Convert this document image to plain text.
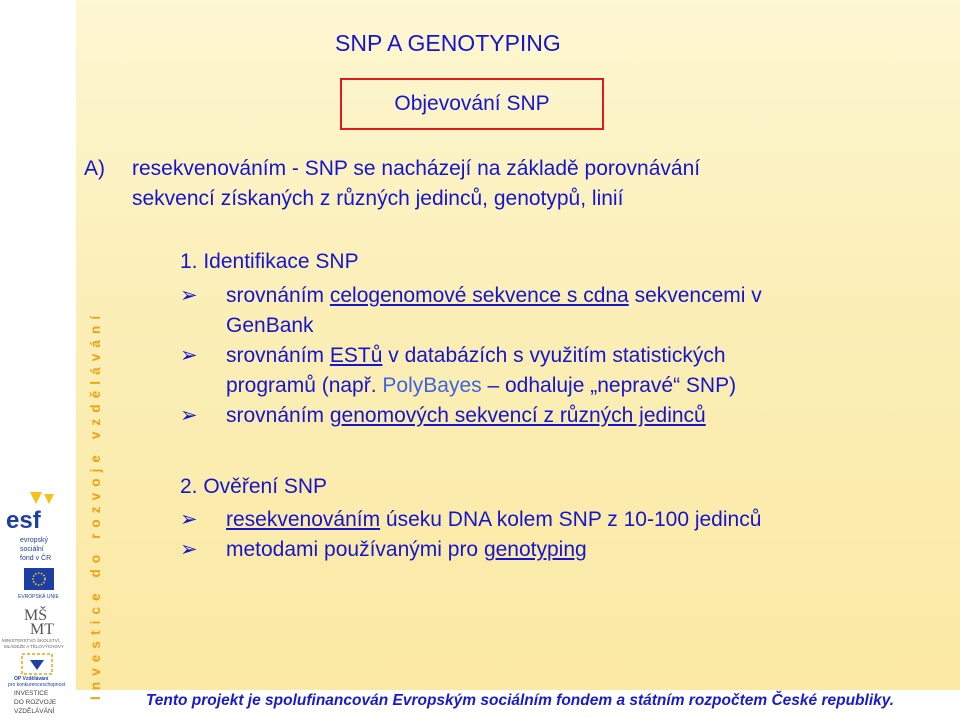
esf
evropský
sociální
fond v ČR
EVROPSKÁ UNIE
MŠ
MT
MINISTERSTVO ŠKOLSTVÍ,
MLÁDEŽE A TĚLOVÝCHOVY
OP Vzdělávání
pro konkurenceschopnost
INVESTICE
DO ROZVOJE
VZDĚLÁVÁNÍ
Investice do rozvoje vzdělávání
SNP A GENOTYPING
Objevování SNP
A) resekvenováním - SNP se nacházejí na základě porovnávání
sekvencí získaných z různých jedinců, genotypů, linií
1. Identifikace SNP
➢ srovnáním celogenomové sekvence s cdna sekvencemi v
GenBank
➢ srovnáním ESTů v databázích s využitím statistických
programů (např. PolyBayes – odhaluje „nepravé“ SNP)
➢ srovnáním genomových sekvencí z různých jedinců
2. Ověření SNP
➢ resekvenováním úseku DNA kolem SNP z 10-100 jedinců
➢ metodami používanými pro genotyping
Tento projekt je spolufinancován Evropským sociálním fondem a státním rozpočtem České republiky.
